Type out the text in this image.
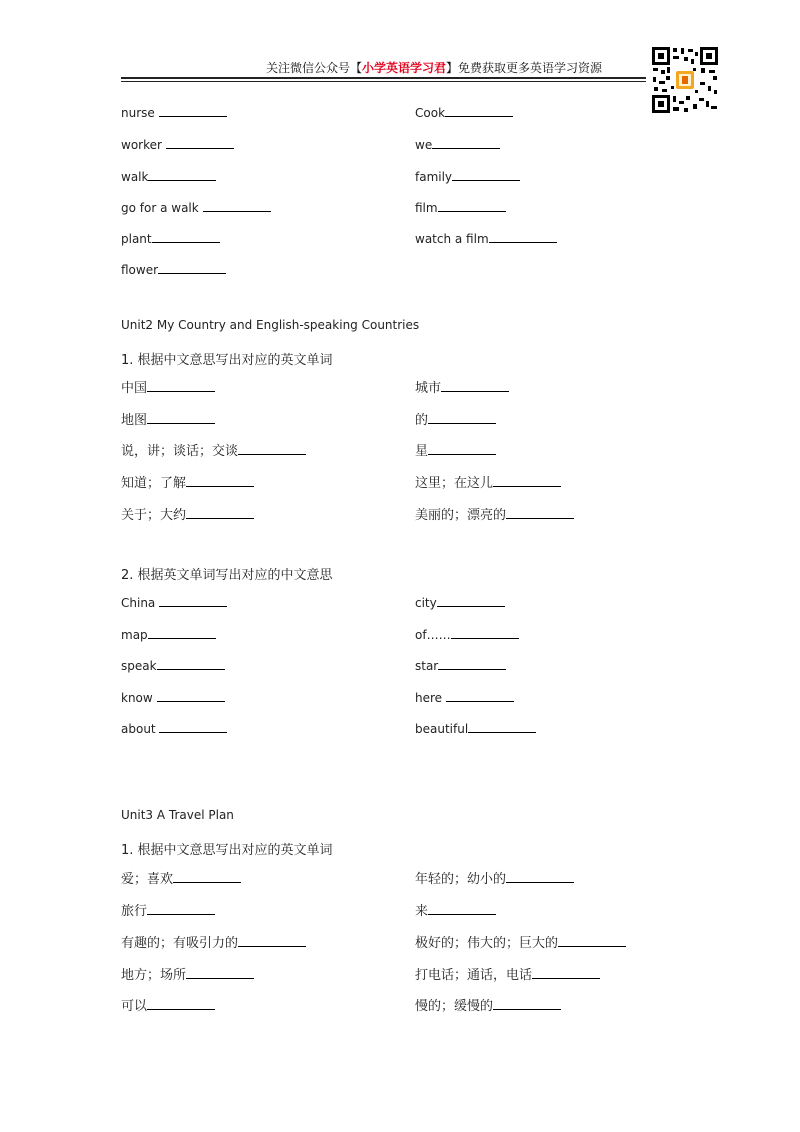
关注微信公众号【小学英语学习君】免费获取更多英语学习资源
nurse
worker
walk
go for a walk
plant
flower
Cook
we
family
film
watch a film
Unit2 My Country and English-speaking Countries
1. 根据中文意思写出对应的英文单词
中国
地图
说，讲；谈话；交谈
知道；了解
关于；大约
城市
的
星
这里；在这儿
美丽的；漂亮的
2. 根据英文单词写出对应的中文意思
China
map
speak
know
about
city
of……
star
here
beautiful
Unit3 A Travel Plan
1. 根据中文意思写出对应的英文单词
爱；喜欢
旅行
有趣的；有吸引力的
地方；场所
可以
年轻的；幼小的
来
极好的；伟大的；巨大的
打电话；通话，电话
慢的；缓慢的
